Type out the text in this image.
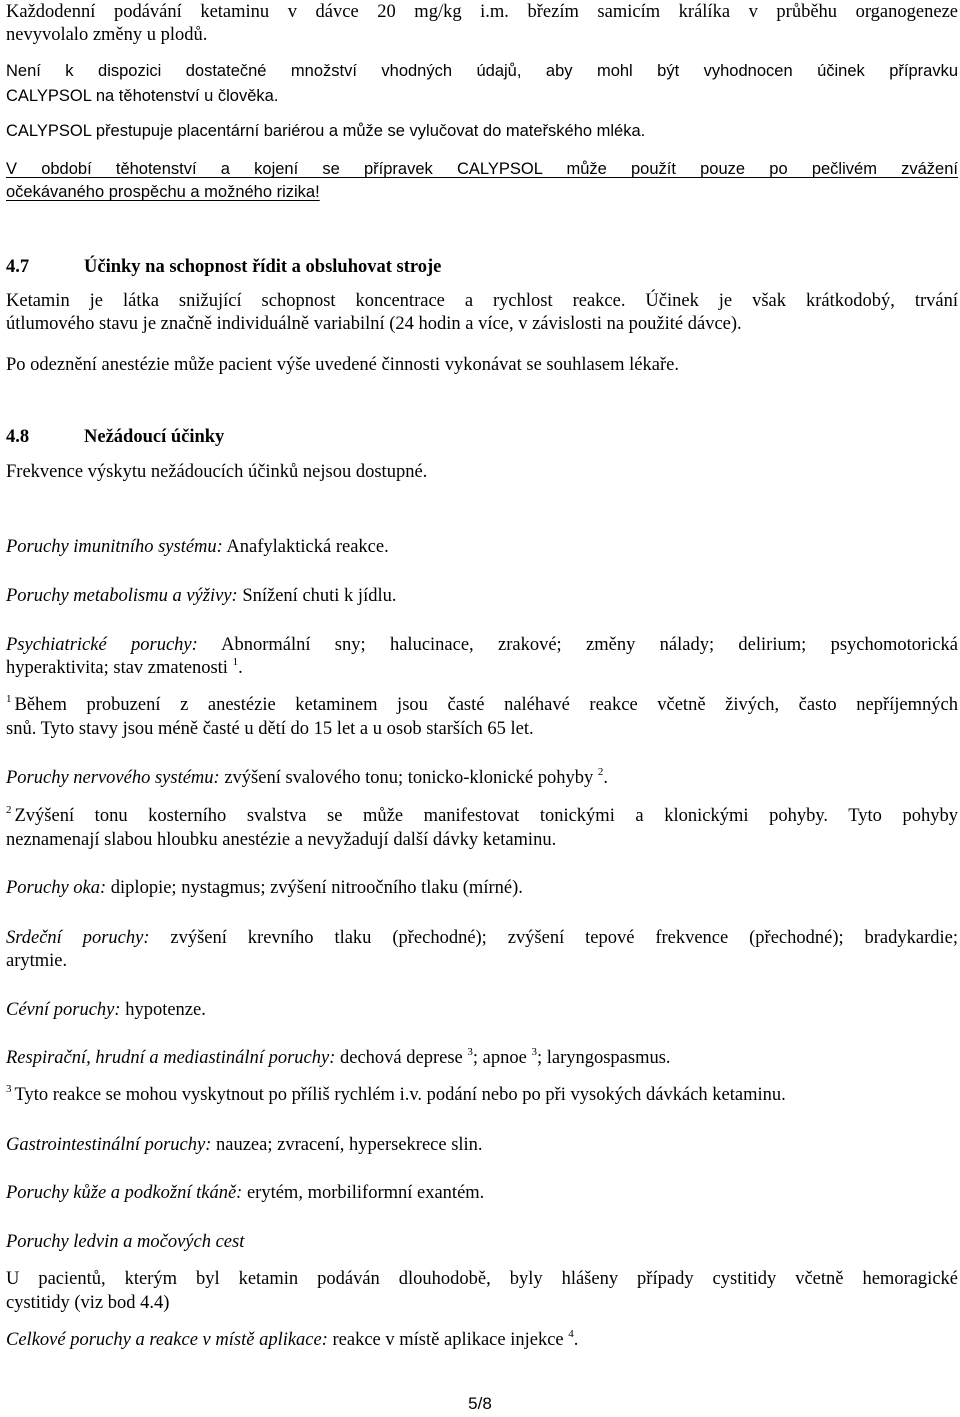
Každodenní podávání ketaminu v dávce 20 mg/kg i.m. březím samicím králíka v průběhu organogeneze
nevyvolalo změny u plodů.
Není k dispozici dostatečné množství vhodných údajů, aby mohl být vyhodnocen účinek přípravku
CALYPSOL na těhotenství u člověka.
CALYPSOL přestupuje placentární bariérou a může se vylučovat do mateřského mléka.
V období těhotenství a kojení se přípravek CALYPSOL může použít pouze po pečlivém zvážení
očekávaného prospěchu a možného rizika!
4.7	Účinky na schopnost řídit a obsluhovat stroje
Ketamin je látka snižující schopnost koncentrace a rychlost reakce. Účinek je však krátkodobý, trvání
útlumového stavu je značně individuálně variabilní (24 hodin a více, v závislosti na použité dávce).
Po odeznění anestézie může pacient výše uvedené činnosti vykonávat se souhlasem lékaře.
4.8	Nežádoucí účinky
Frekvence výskytu nežádoucích účinků nejsou dostupné.
Poruchy imunitního systému: Anafylaktická reakce.
Poruchy metabolismu a výživy: Snížení chuti k jídlu.
Psychiatrické poruchy: Abnormální sny; halucinace, zrakové; změny nálady; delirium; psychomotorická
hyperaktivita; stav zmatenosti $^1$.
$^1$ Během probuzení z anestézie ketaminem jsou časté naléhavé reakce včetně živých, často nepříjemných
snů. Tyto stavy jsou méně časté u dětí do 15 let a u osob starších 65 let.
Poruchy nervového systému: zvýšení svalového tonu; tonicko-klonické pohyby $^2$.
$^2$ Zvýšení tonu kosterního svalstva se může manifestovat tonickými a klonickými pohyby. Tyto pohyby
neznamenají slabou hloubku anestézie a nevyžadují další dávky ketaminu.
Poruchy oka: diplopie; nystagmus; zvýšení nitroočního tlaku (mírné).
Srdeční poruchy: zvýšení krevního tlaku (přechodné); zvýšení tepové frekvence (přechodné); bradykardie;
arytmie.
Cévní poruchy: hypotenze.
Respirační, hrudní a mediastinální poruchy: dechová deprese $^3$; apnoe $^3$; laryngospasmus.
$^3$ Tyto reakce se mohou vyskytnout po příliš rychlém i.v. podání nebo po při vysokých dávkách ketaminu.
Gastrointestinální poruchy: nauzea; zvracení, hypersekrece slin.
Poruchy kůže a podkožní tkáně: erytém, morbiliformní exantém.
Poruchy ledvin a močových cest
U pacientů, kterým byl ketamin podáván dlouhodobě, byly hlášeny případy cystitidy včetně hemoragické
cystitidy (viz bod 4.4)
Celkové poruchy a reakce v místě aplikace: reakce v místě aplikace injekce $^4$.
5/8
